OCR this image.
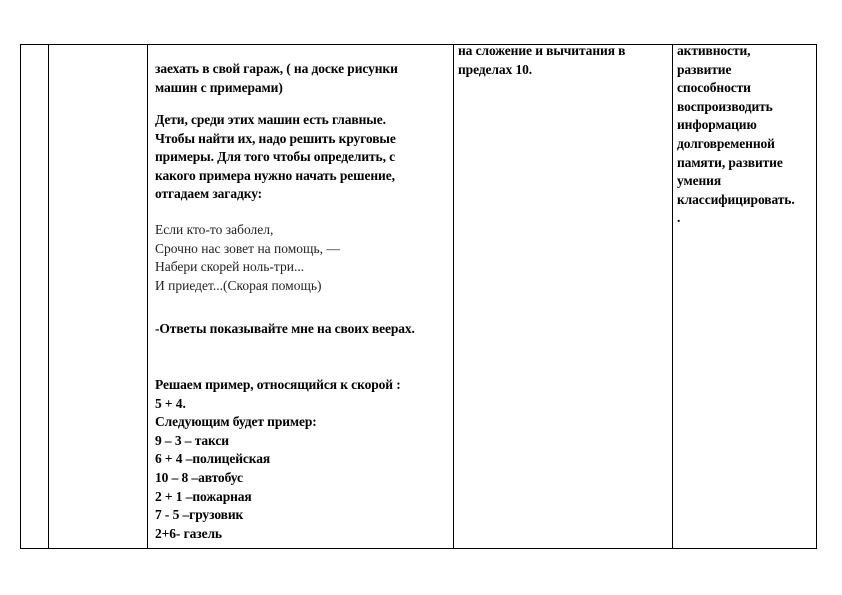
заехать в свой гараж, ( на доске рисунки
машин с примерами)
Дети, среди этих машин есть главные.
Чтобы найти их, надо решить круговые
примеры. Для того чтобы определить, с
какого примера нужно начать решение,
отгадаем загадку:
Если кто-то заболел,
Срочно нас зовет на помощь, —
Набери скорей ноль-три...
И приедет...(Скорая помощь)
-Ответы показывайте мне на своих веерах.
Решаем пример, относящийся к скорой :
5 + 4.
Следующим будет пример:
9 – 3 – такси
6 + 4 –полицейская
10 – 8 –автобус
2 + 1 –пожарная
7 - 5 –грузовик
2+6- газель
на сложение и вычитания в
пределах 10.
активности,
развитие
способности
воспроизводить
информацию
долговременной
памяти, развитие
умения
классифицировать.
.
